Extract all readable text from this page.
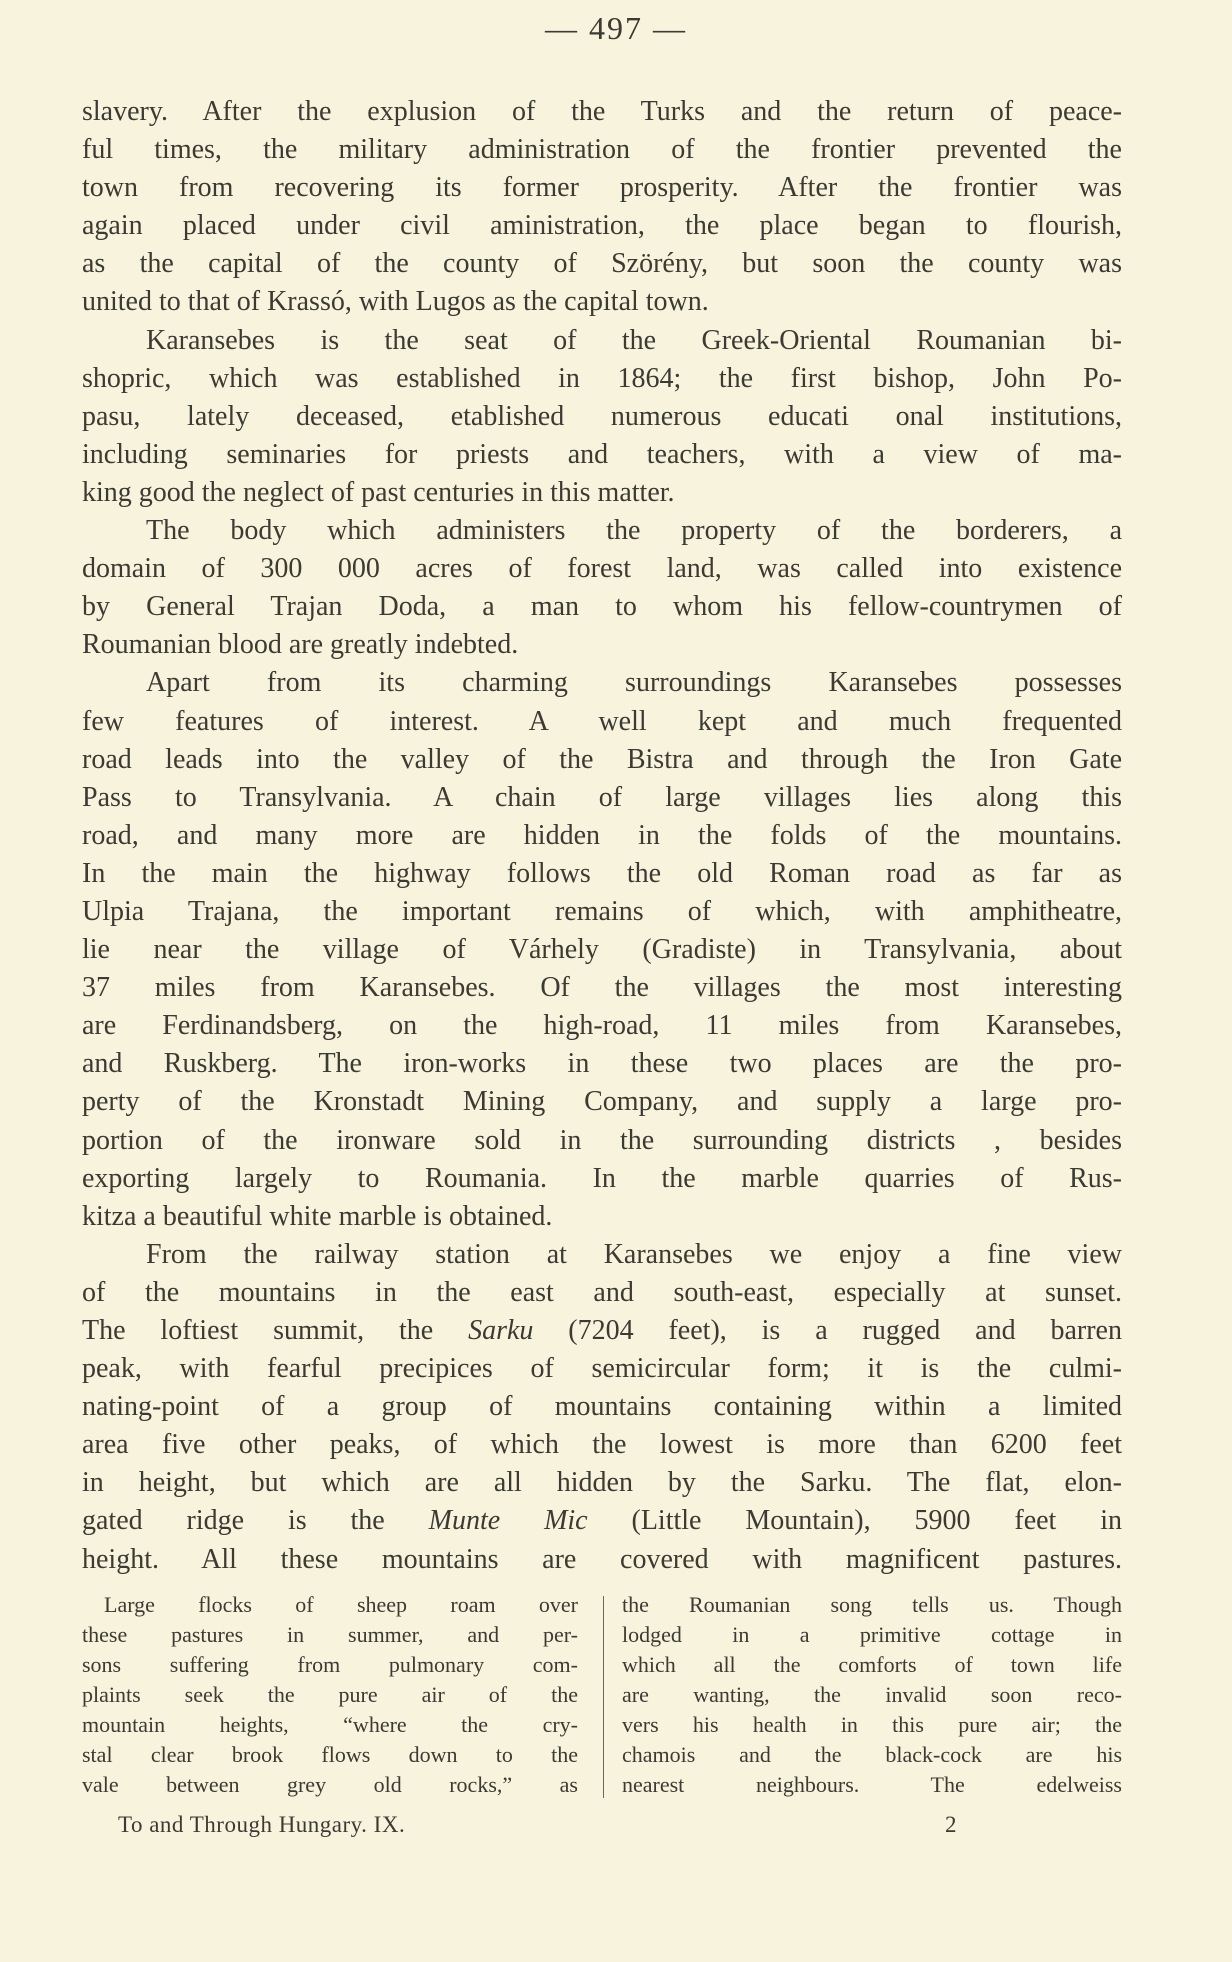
— 497 —
slavery. After the explusion of the Turks and the return of peace-
ful times, the military administration of the frontier prevented the
town from recovering its former prosperity. After the frontier was
again placed under civil aministration, the place began to flourish,
as the capital of the county of Szörény, but soon the county was
united to that of Krassó, with Lugos as the capital town.
Karansebes is the seat of the Greek-Oriental Roumanian bi-
shopric, which was established in 1864; the first bishop, John Po-
pasu, lately deceased, etablished numerous educati onal institutions,
including seminaries for priests and teachers, with a view of ma-
king good the neglect of past centuries in this matter.
The body which administers the property of the borderers, a
domain of 300 000 acres of forest land, was called into existence
by General Trajan Doda, a man to whom his fellow-countrymen of
Roumanian blood are greatly indebted.
Apart from its charming surroundings Karansebes possesses
few features of interest. A well kept and much frequented
road leads into the valley of the Bistra and through the Iron Gate
Pass to Transylvania. A chain of large villages lies along this
road, and many more are hidden in the folds of the mountains.
In the main the highway follows the old Roman road as far as
Ulpia Trajana, the important remains of which, with amphitheatre,
lie near the village of Várhely (Gradiste) in Transylvania, about
37 miles from Karansebes. Of the villages the most interesting
are Ferdinandsberg, on the high-road, 11 miles from Karansebes,
and Ruskberg. The iron-works in these two places are the pro-
perty of the Kronstadt Mining Company, and supply a large pro-
portion of the ironware sold in the surrounding districts , besides
exporting largely to Roumania. In the marble quarries of Rus-
kitza a beautiful white marble is obtained.
From the railway station at Karansebes we enjoy a fine view
of the mountains in the east and south-east, especially at sunset.
The loftiest summit, the Sarku (7204 feet), is a rugged and barren
peak, with fearful precipices of semicircular form; it is the culmi-
nating-point of a group of mountains containing within a limited
area five other peaks, of which the lowest is more than 6200 feet
in height, but which are all hidden by the Sarku. The flat, elon-
gated ridge is the Munte Mic (Little Mountain), 5900 feet in
height. All these mountains are covered with magnificent pastures.
Large flocks of sheep roam over
these pastures in summer, and per-
sons suffering from pulmonary com-
plaints seek the pure air of the
mountain heights, “where the cry-
stal clear brook flows down to the
vale between grey old rocks,” as
the Roumanian song tells us. Though
lodged in a primitive cottage in
which all the comforts of town life
are wanting, the invalid soon reco-
vers his health in this pure air; the
chamois and the black-cock are his
nearest neighbours. The edelweiss
To and Through Hungary. IX.	2
